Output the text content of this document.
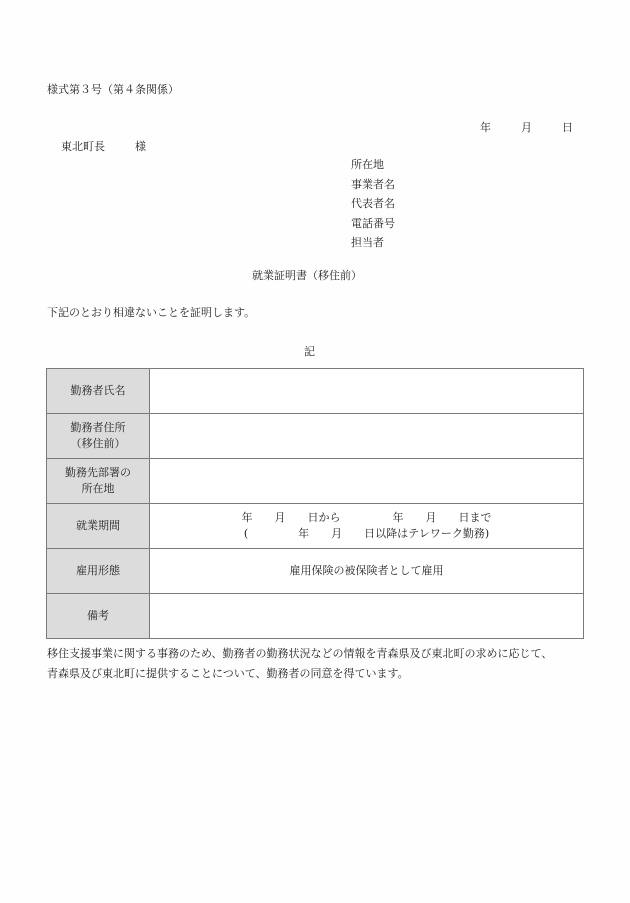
様式第３号（第４条関係）
年	月	日
東北町長	様
所在地
事業者名
代表者名
電話番号
担当者
就業証明書（移住前）
下記のとおり相違ないことを証明します。
記
勤務者氏名	

勤務者住所
（移住前）	

勤務先部署の
所在地	

就業期間	年 月 日から 年 月 日まで
( 年 月 日以降はテレワーク勤務)

雇用形態	雇用保険の被保険者として雇用
備考	
移住支援事業に関する事務のため、勤務者の勤務状況などの情報を青森県及び東北町の求めに応じて、
青森県及び東北町に提供することについて、勤務者の同意を得ています。
